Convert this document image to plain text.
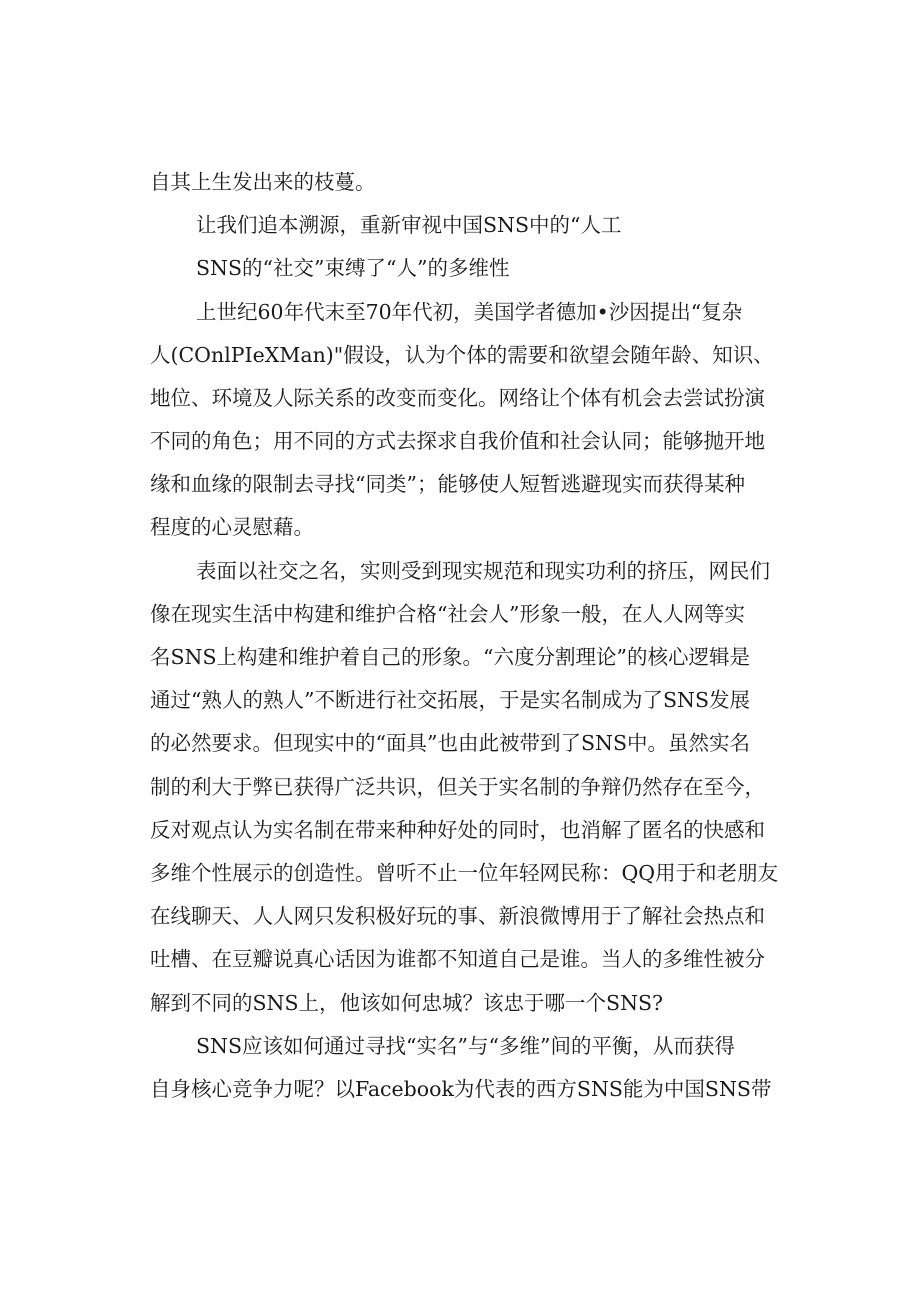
自其上生发出来的枝蔓。
让我们追本溯源，重新审视中国SNS中的“人工
SNS的“社交”束缚了“人”的多维性
上世纪60年代末至70年代初，美国学者德加•沙因提出“复杂
人(COnlPIeXMan)"假设，认为个体的需要和欲望会随年龄、知识、
地位、环境及人际关系的改变而变化。网络让个体有机会去尝试扮演
不同的角色；用不同的方式去探求自我价值和社会认同；能够抛开地
缘和血缘的限制去寻找“同类”；能够使人短暂逃避现实而获得某种
程度的心灵慰藉。
表面以社交之名，实则受到现实规范和现实功利的挤压，网民们
像在现实生活中构建和维护合格“社会人”形象一般，在人人网等实
名SNS上构建和维护着自己的形象。“六度分割理论”的核心逻辑是
通过“熟人的熟人”不断进行社交拓展，于是实名制成为了SNS发展
的必然要求。但现实中的“面具”也由此被带到了SNS中。虽然实名
制的利大于弊已获得广泛共识，但关于实名制的争辩仍然存在至今，
反对观点认为实名制在带来种种好处的同时，也消解了匿名的快感和
多维个性展示的创造性。曾听不止一位年轻网民称：QQ用于和老朋友
在线聊天、人人网只发积极好玩的事、新浪微博用于了解社会热点和
吐槽、在豆瓣说真心话因为谁都不知道自己是谁。当人的多维性被分
解到不同的SNS上，他该如何忠城？该忠于哪一个SNS?
SNS应该如何通过寻找“实名”与“多维”间的平衡，从而获得
自身核心竞争力呢？以Facebook为代表的西方SNS能为中国SNS带
